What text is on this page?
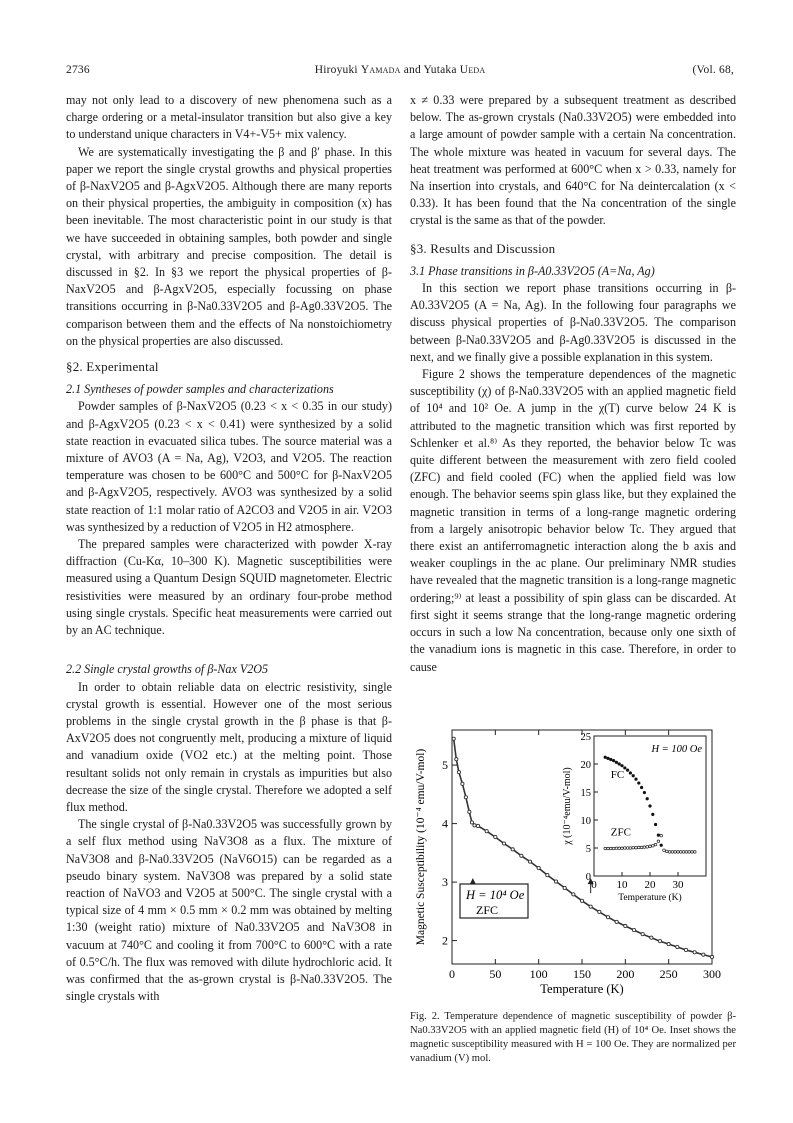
2736	Hiroyuki Yamada and Yutaka Ueda	(Vol. 68,

may not only lead to a discovery of new phenomena such as a charge ordering or a metal-insulator transition but also give a key to understand unique characters in V4+-V5+ mix valency.

We are systematically investigating the β and β′ phase. In this paper we report the single crystal growths and physical properties of β-NaxV2O5 and β-AgxV2O5. Although there are many reports on their physical properties, the ambiguity in composition (x) has been inevitable. The most characteristic point in our study is that we have succeeded in obtaining samples, both powder and single crystal, with arbitrary and precise composition. The detail is discussed in §2. In §3 we report the physical properties of β-NaxV2O5 and β-AgxV2O5, especially focussing on phase transitions occurring in β-Na0.33V2O5 and β-Ag0.33V2O5. The comparison between them and the effects of Na nonstoichiometry on the physical properties are also discussed.

§2. Experimental
2.1 Syntheses of powder samples and characterizations

Powder samples of β-NaxV2O5 (0.23 < x < 0.35 in our study) and β-AgxV2O5 (0.23 < x < 0.41) were synthesized by a solid state reaction in evacuated silica tubes. The source material was a mixture of AVO3 (A = Na, Ag), V2O3, and V2O5. The reaction temperature was chosen to be 600°C and 500°C for β-NaxV2O5 and β-AgxV2O5, respectively. AVO3 was synthesized by a solid state reaction of 1:1 molar ratio of A2CO3 and V2O5 in air. V2O3 was synthesized by a reduction of V2O5 in H2 atmosphere.

The prepared samples were characterized with powder X-ray diffraction (Cu-Kα, 10–300 K). Magnetic susceptibilities were measured using a Quantum Design SQUID magnetometer. Electric resistivities were measured by an ordinary four-probe method using single crystals. Specific heat measurements were carried out by an AC technique.

2.2 Single crystal growths of β-Nax V2O5

In order to obtain reliable data on electric resistivity, single crystal growth is essential. However one of the most serious problems in the single crystal growth in the β phase is that β-AxV2O5 does not congruently melt, producing a mixture of liquid and vanadium oxide (VO2 etc.) at the melting point. Those resultant solids not only remain in crystals as impurities but also decrease the size of the single crystal. Therefore we adopted a self flux method.

The single crystal of β-Na0.33V2O5 was successfully grown by a self flux method using NaV3O8 as a flux. The mixture of NaV3O8 and β-Na0.33V2O5 (NaV6O15) can be regarded as a pseudo binary system. NaV3O8 was prepared by a solid state reaction of NaVO3 and V2O5 at 500°C. The single crystal with a typical size of 4 mm × 0.5 mm × 0.2 mm was obtained by melting 1:30 (weight ratio) mixture of Na0.33V2O5 and NaV3O8 in vacuum at 740°C and cooling it from 700°C to 600°C with a rate of 0.5°C/h. The flux was removed with dilute hydrochloric acid. It was confirmed that the as-grown crystal is β-Na0.33V2O5. The single crystals with

x ≠ 0.33 were prepared by a subsequent treatment as described below. The as-grown crystals (Na0.33V2O5) were embedded into a large amount of powder sample with a certain Na concentration. The whole mixture was heated in vacuum for several days. The heat treatment was performed at 600°C when x > 0.33, namely for Na insertion into crystals, and 640°C for Na deintercalation (x < 0.33). It has been found that the Na concentration of the single crystal is the same as that of the powder.

§3. Results and Discussion
3.1 Phase transitions in β-A0.33V2O5 (A=Na, Ag)

In this section we report phase transitions occurring in β-A0.33V2O5 (A = Na, Ag). In the following four paragraphs we discuss physical properties of β-Na0.33V2O5. The comparison between β-Na0.33V2O5 and β-Ag0.33V2O5 is discussed in the next, and we finally give a possible explanation in this system.

Figure 2 shows the temperature dependences of the magnetic susceptibility (χ) of β-Na0.33V2O5 with an applied magnetic field of 10⁴ and 10² Oe. A jump in the χ(T) curve below 24 K is attributed to the magnetic transition which was first reported by Schlenker et al.⁸⁾ As they reported, the behavior below Tc was quite different between the measurement with zero field cooled (ZFC) and field cooled (FC) when the applied field was low enough. The behavior seems spin glass like, but they explained the magnetic transition in terms of a long-range magnetic ordering from a largely anisotropic behavior below Tc. They argued that there exist an antiferromagnetic interaction along the b axis and weaker couplings in the ac plane. Our preliminary NMR studies have revealed that the magnetic transition is a long-range magnetic ordering;⁹⁾ at least a possibility of spin glass can be discarded. At first sight it seems strange that the long-range magnetic ordering occurs in such a low Na concentration, because only one sixth of the vanadium ions is magnetic in this case. Therefore, in order to cause

0	50 100 150 200 250 300
2
3
4
5
Temperature (K)
Magnetic Susceptibility (10⁻⁴ emu/V-mol)	H = 10⁴ Oe
ZFC
0 10 20 30
0
5
10
15
20
25
Temperature (K)
χ (10⁻⁴emu/V-mol)
H = 100 Oe
FC
ZFC
Fig. 2. Temperature dependence of magnetic susceptibility of powder β-Na0.33V2O5 with an applied magnetic field (H) of 10⁴ Oe. Inset shows the magnetic susceptibility measured with H = 100 Oe. They are normalized per vanadium (V) mol.
